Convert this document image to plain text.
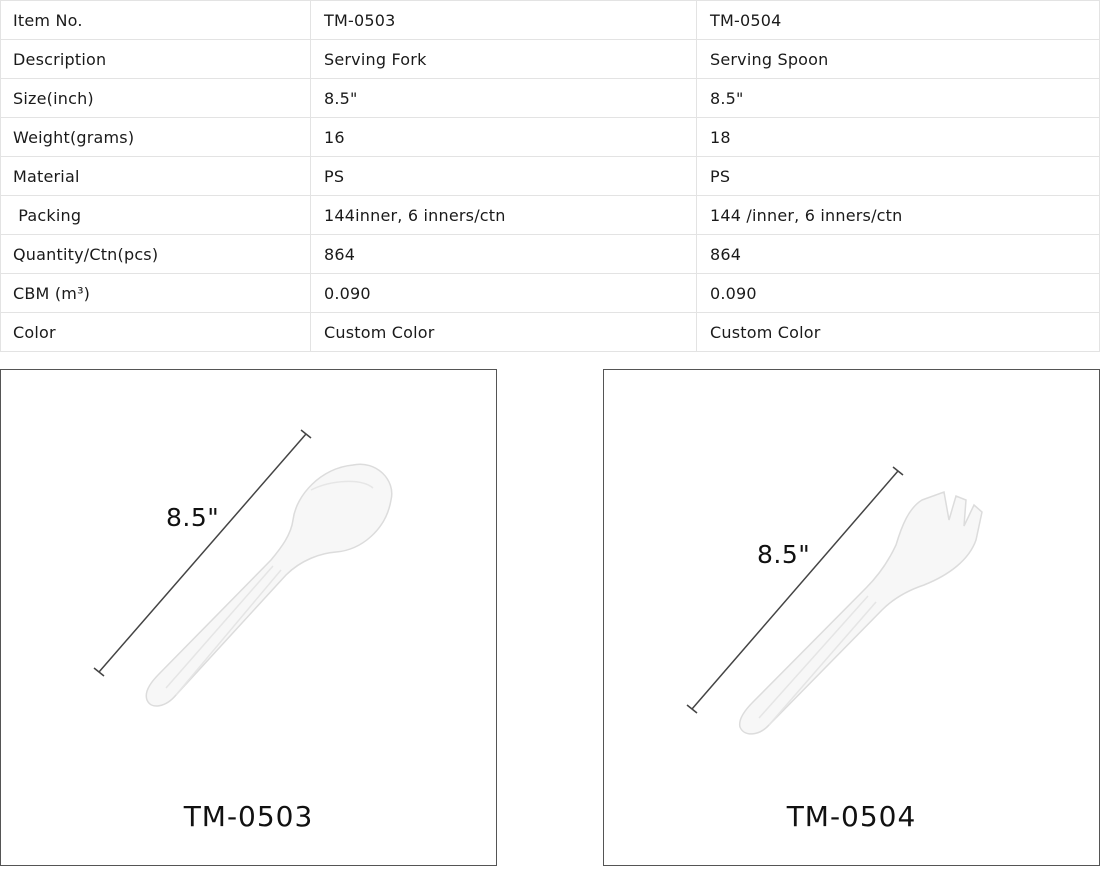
Item No.	TM-0503	TM-0504
Description	Serving Fork	Serving Spoon
Size(inch)	8.5"	8.5"
Weight(grams)	16	18
Material	PS	PS
Packing	144inner, 6 inners/ctn	144 /inner, 6 inners/ctn
Quantity/Ctn(pcs)	864	864
CBM (m³)	0.090	0.090
Color	Custom Color	Custom Color
8.5"
TM-0503
8.5"
TM-0504
